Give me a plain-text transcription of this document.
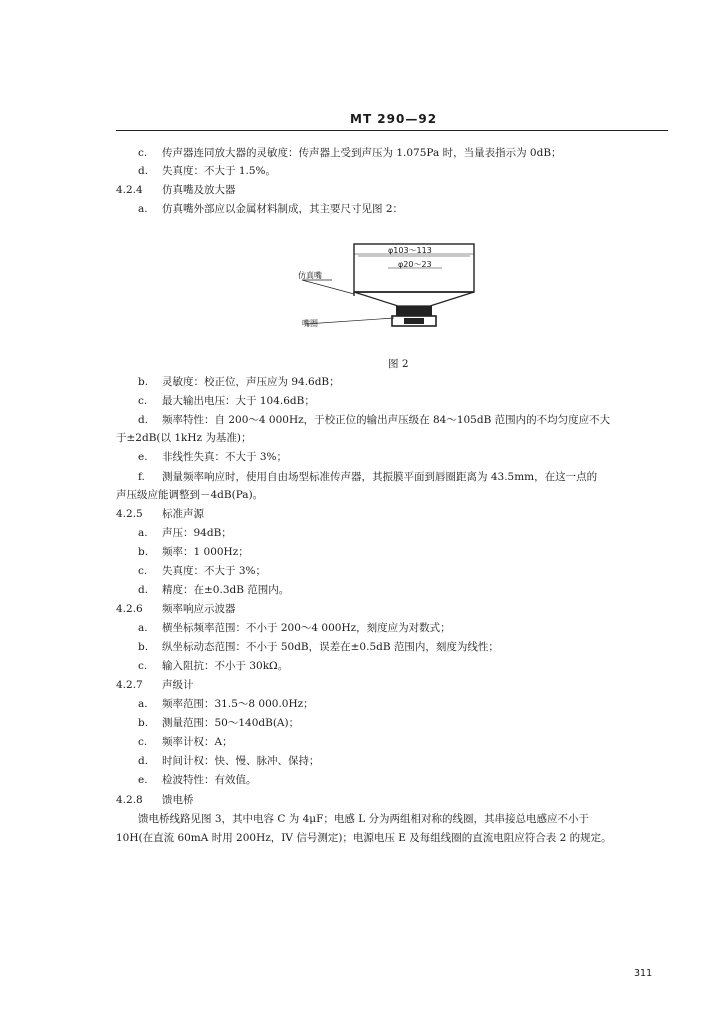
MT 290—92
c. 传声器连同放大器的灵敏度：传声器上受到声压为 1.075Pa 时，当量表指示为 0dB；
d. 失真度：不大于 1.5%。
4.2.4 仿真嘴及放大器
a. 仿真嘴外部应以金属材料制成，其主要尺寸见图 2：
仿真嘴
嘴圈
φ103～113
φ20～23
图 2
b. 灵敏度：校正位，声压应为 94.6dB；
c. 最大输出电压：大于 104.6dB；
d. 频率特性：自 200～4 000Hz，于校正位的输出声压级在 84～105dB 范围内的不均匀度应不大
于±2dB(以 1kHz 为基准)；
e. 非线性失真：不大于 3%；
f. 测量频率响应时，使用自由场型标准传声器，其振膜平面到唇圈距离为 43.5mm，在这一点的
声压级应能调整到－4dB(Pa)。
4.2.5 标准声源
a. 声压：94dB；
b. 频率：1 000Hz；
c. 失真度：不大于 3%；
d. 精度：在±0.3dB 范围内。
4.2.6 频率响应示波器
a. 横坐标频率范围：不小于 200～4 000Hz，刻度应为对数式；
b. 纵坐标动态范围：不小于 50dB，误差在±0.5dB 范围内，刻度为线性；
c. 输入阻抗：不小于 30kΩ。
4.2.7 声级计
a. 频率范围：31.5～8 000.0Hz；
b. 测量范围：50～140dB(A)；
c. 频率计权：A；
d. 时间计权：快、慢、脉冲、保持；
e. 检波特性：有效值。
4.2.8 馈电桥
馈电桥线路见图 3，其中电容 C 为 4μF；电感 L 分为两组相对称的线圈，其串接总电感应不小于
10H(在直流 60mA 时用 200Hz，IV 信号测定)；电源电压 E 及每组线圈的直流电阻应符合表 2 的规定。
311
